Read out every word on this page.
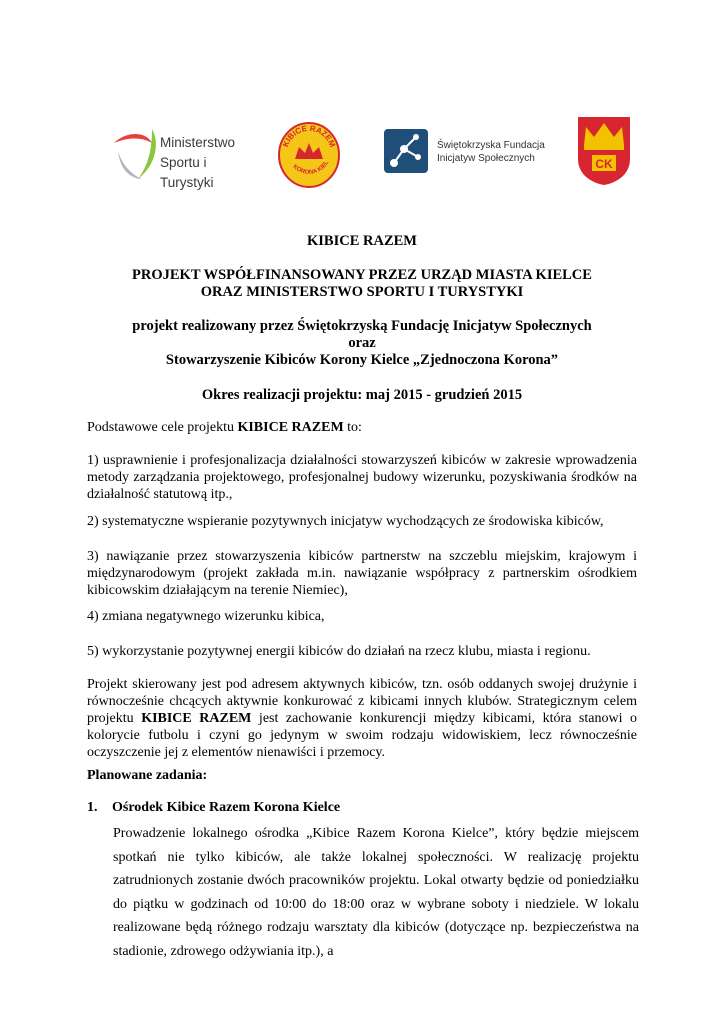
Ministerstwo
Sportu i Turystyki
KIBICE RAZEM
KORONA KIEL
Świętokrzyska Fundacja
Inicjatyw Społecznych	CK
KIBICE RAZEM
PROJEKT WSPÓŁFINANSOWANY PRZEZ URZĄD MIASTA KIELCE
ORAZ MINISTERSTWO SPORTU I TURYSTYKI
projekt realizowany przez Świętokrzyską Fundację Inicjatyw Społecznych
oraz
Stowarzyszenie Kibiców Korony Kielce „Zjednoczona Korona”
Okres realizacji projektu: maj 2015 - grudzień 2015
Podstawowe cele projektu KIBICE RAZEM to:
1) usprawnienie i profesjonalizacja działalności stowarzyszeń kibiców w zakresie wprowadzenia metody zarządzania projektowego, profesjonalnej budowy wizerunku, pozyskiwania środków na działalność statutową itp.,
2) systematyczne wspieranie pozytywnych inicjatyw wychodzących ze środowiska kibiców,
3) nawiązanie przez stowarzyszenia kibiców partnerstw na szczeblu miejskim, krajowym i międzynarodowym (projekt zakłada m.in. nawiązanie współpracy z partnerskim ośrodkiem kibicowskim działającym na terenie Niemiec),
4) zmiana negatywnego wizerunku kibica,
5) wykorzystanie pozytywnej energii kibiców do działań na rzecz klubu, miasta i regionu.
Projekt skierowany jest pod adresem aktywnych kibiców, tzn. osób oddanych swojej drużynie i równocześnie chcących aktywnie konkurować z kibicami innych klubów. Strategicznym celem projektu KIBICE RAZEM jest zachowanie konkurencji między kibicami, która stanowi o kolorycie futbolu i czyni go jedynym w swoim rodzaju widowiskiem, lecz równocześnie oczyszczenie jej z elementów nienawiści i przemocy.
Planowane zadania:
1. Ośrodek Kibice Razem Korona Kielce
Prowadzenie lokalnego ośrodka „Kibice Razem Korona Kielce”, który będzie miejscem spotkań nie tylko kibiców, ale także lokalnej społeczności. W realizację projektu zatrudnionych zostanie dwóch pracowników projektu. Lokal otwarty będzie od poniedziałku do piątku w godzinach od 10:00 do 18:00 oraz w wybrane soboty i niedziele. W lokalu realizowane będą różnego rodzaju warsztaty dla kibiców (dotyczące np. bezpieczeństwa na stadionie, zdrowego odżywiania itp.), a
